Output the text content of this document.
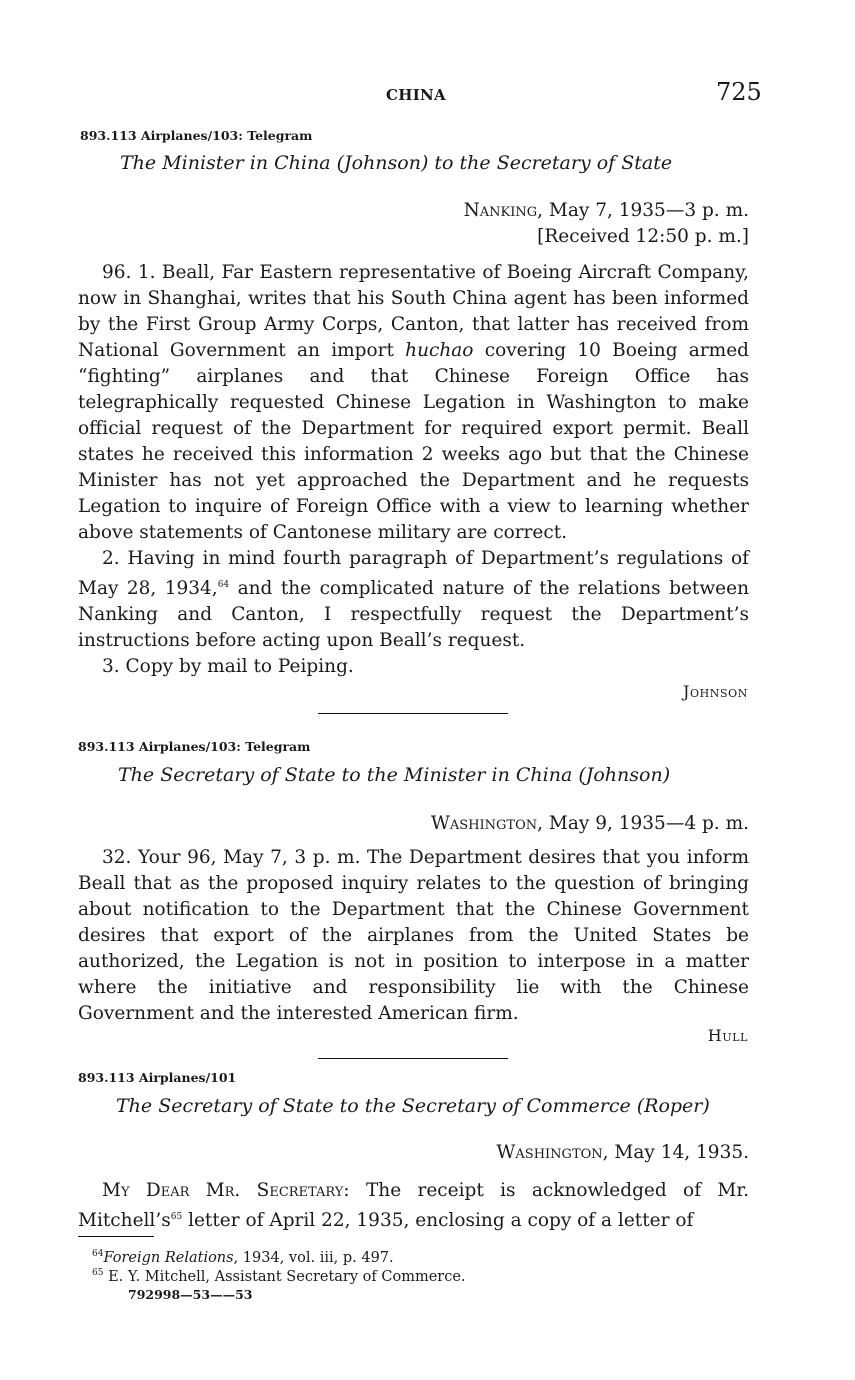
CHINA	725
893.113 Airplanes/103: Telegram
The Minister in China (Johnson) to the Secretary of State
Nanking, May 7, 1935—3 p. m.
[Received 12:50 p. m.]

96. 1. Beall, Far Eastern representative of Boeing Aircraft Company, now in Shanghai, writes that his South China agent has been informed by the First Group Army Corps, Canton, that latter has received from National Government an import huchao covering 10 Boeing armed “fighting” airplanes and that Chinese Foreign Office has telegraphically requested Chinese Legation in Washington to make official request of the Department for required export permit. Beall states he received this information 2 weeks ago but that the Chinese Minister has not yet approached the Department and he requests Legation to inquire of Foreign Office with a view to learning whether above statements of Cantonese military are correct.

2. Having in mind fourth paragraph of Department’s regulations of May 28, 1934,64 and the complicated nature of the relations between Nanking and Canton, I respectfully request the Department’s instructions before acting upon Beall’s request.

3. Copy by mail to Peiping.

Johnson
893.113 Airplanes/103: Telegram
The Secretary of State to the Minister in China (Johnson)
Washington, May 9, 1935—4 p. m.

32. Your 96, May 7, 3 p. m. The Department desires that you inform Beall that as the proposed inquiry relates to the question of bringing about notification to the Department that the Chinese Government desires that export of the airplanes from the United States be authorized, the Legation is not in position to interpose in a matter where the initiative and responsibility lie with the Chinese Government and the interested American firm.

Hull
893.113 Airplanes/101
The Secretary of State to the Secretary of Commerce (Roper)
Washington, May 14, 1935.

My Dear Mr. Secretary: The receipt is acknowledged of Mr. $Mitchell’s^{65}$ letter of April 22, 1935, enclosing a copy of a letter of

$^{64}$Foreign Relations, 1934, vol. iii, p. 497.
$^{65}$ E. Y. Mitchell, Assistant Secretary of Commerce.
792998—53——53
